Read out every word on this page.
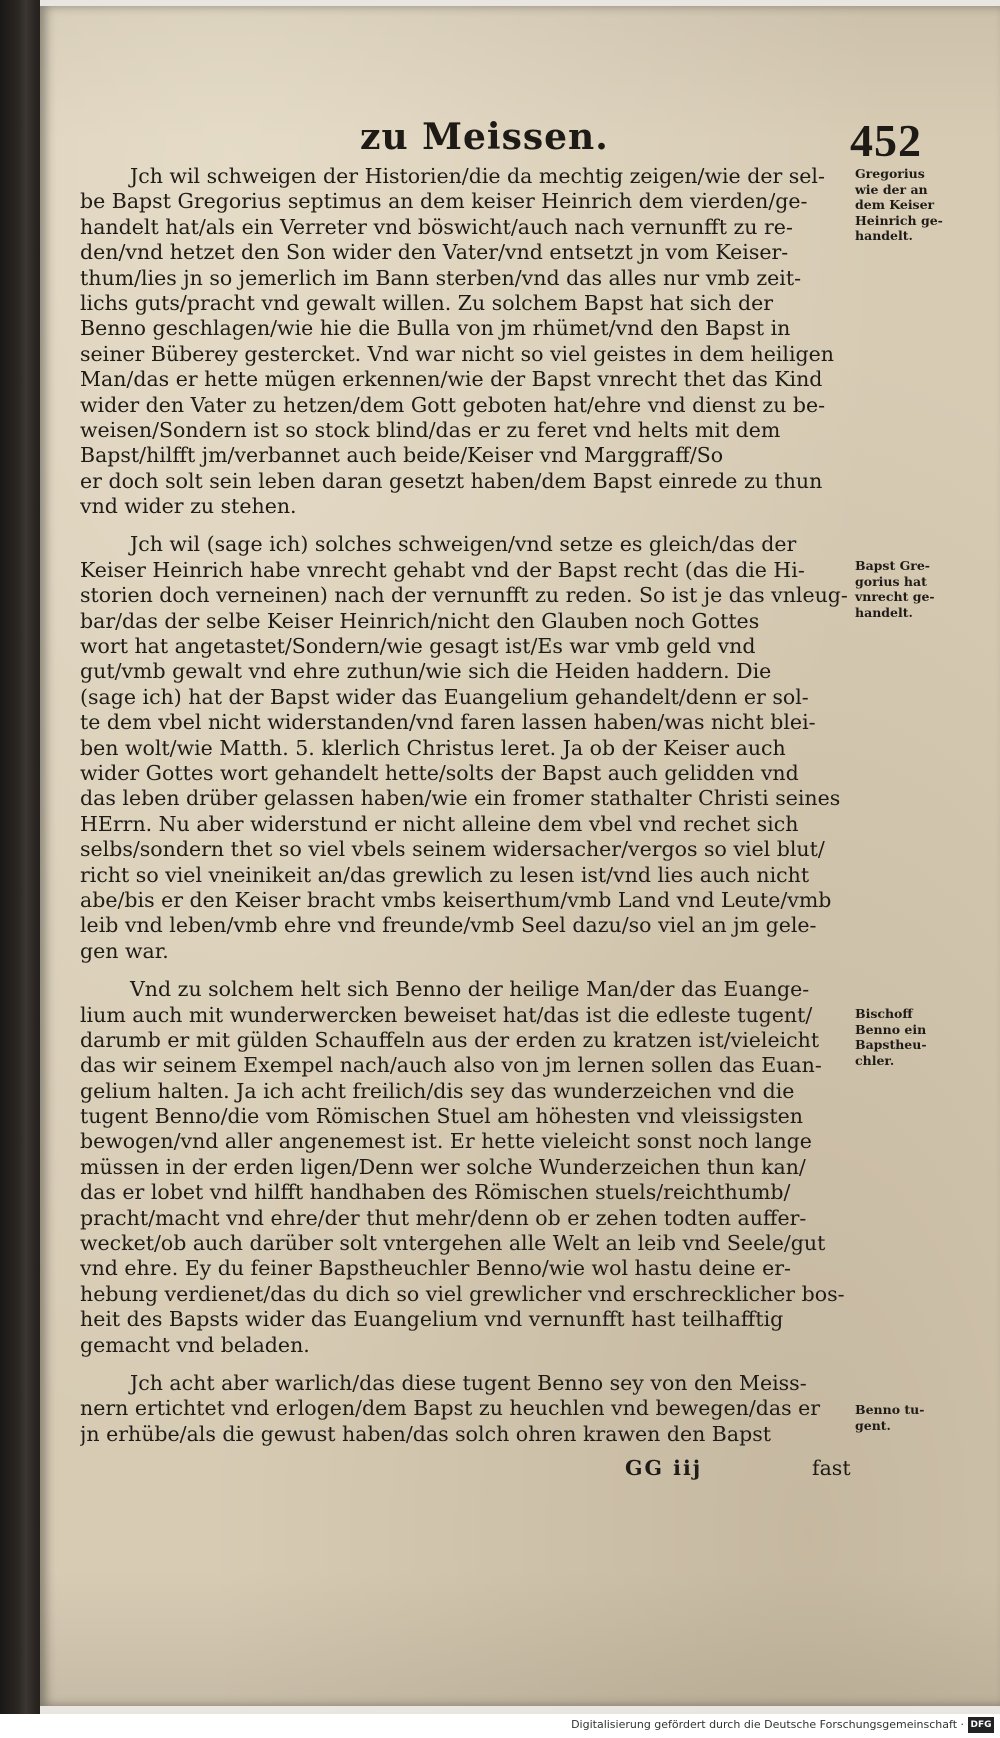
zu Meissen.	452
Jch wil schweigen der Historien/die da mechtig zeigen/wie der sel-
be Bapst Gregorius septimus an dem keiser Heinrich dem vierden/ge-
handelt hat/als ein Verreter vnd böswicht/auch nach vernunfft zu re-
den/vnd hetzet den Son wider den Vater/vnd entsetzt jn vom Keiser-
thum/lies jn so jemerlich im Bann sterben/vnd das alles nur vmb zeit-
lichs guts/pracht vnd gewalt willen. Zu solchem Bapst hat sich der
Benno geschlagen/wie hie die Bulla von jm rhümet/vnd den Bapst in
seiner Büberey gestercket. Vnd war nicht so viel geistes in dem heiligen
Man/das er hette mügen erkennen/wie der Bapst vnrecht thet das Kind
wider den Vater zu hetzen/dem Gott geboten hat/ehre vnd dienst zu be-
weisen/Sondern ist so stock blind/das er zu feret vnd helts mit dem
Bapst/hilfft jm/verbannet auch beide/Keiser vnd Marggraff/So
er doch solt sein leben daran gesetzt haben/dem Bapst einrede zu thun
vnd wider zu stehen.
Jch wil (sage ich) solches schweigen/vnd setze es gleich/das der
Keiser Heinrich habe vnrecht gehabt vnd der Bapst recht (das die Hi-
storien doch verneinen) nach der vernunfft zu reden. So ist je das vnleug-
bar/das der selbe Keiser Heinrich/nicht den Glauben noch Gottes
wort hat angetastet/Sondern/wie gesagt ist/Es war vmb geld vnd
gut/vmb gewalt vnd ehre zuthun/wie sich die Heiden haddern. Die
(sage ich) hat der Bapst wider das Euangelium gehandelt/denn er sol-
te dem vbel nicht widerstanden/vnd faren lassen haben/was nicht blei-
ben wolt/wie Matth. 5. klerlich Christus leret. Ja ob der Keiser auch
wider Gottes wort gehandelt hette/solts der Bapst auch gelidden vnd
das leben drüber gelassen haben/wie ein fromer stathalter Christi seines
HErrn. Nu aber widerstund er nicht alleine dem vbel vnd rechet sich
selbs/sondern thet so viel vbels seinem widersacher/vergos so viel blut/
richt so viel vneinikeit an/das grewlich zu lesen ist/vnd lies auch nicht
abe/bis er den Keiser bracht vmbs keiserthum/vmb Land vnd Leute/vmb
leib vnd leben/vmb ehre vnd freunde/vmb Seel dazu/so viel an jm gele-
gen war.
Vnd zu solchem helt sich Benno der heilige Man/der das Euange-
lium auch mit wunderwercken beweiset hat/das ist die edleste tugent/
darumb er mit gülden Schauffeln aus der erden zu kratzen ist/vieleicht
das wir seinem Exempel nach/auch also von jm lernen sollen das Euan-
gelium halten. Ja ich acht freilich/dis sey das wunderzeichen vnd die
tugent Benno/die vom Römischen Stuel am höhesten vnd vleissigsten
bewogen/vnd aller angenemest ist. Er hette vieleicht sonst noch lange
müssen in der erden ligen/Denn wer solche Wunderzeichen thun kan/
das er lobet vnd hilfft handhaben des Römischen stuels/reichthumb/
pracht/macht vnd ehre/der thut mehr/denn ob er zehen todten auffer-
wecket/ob auch darüber solt vntergehen alle Welt an leib vnd Seele/gut
vnd ehre. Ey du feiner Bapstheuchler Benno/wie wol hastu deine er-
hebung verdienet/das du dich so viel grewlicher vnd erschrecklicher bos-
heit des Bapsts wider das Euangelium vnd vernunfft hast teilhafftig
gemacht vnd beladen.
Jch acht aber warlich/das diese tugent Benno sey von den Meiss-
nern ertichtet vnd erlogen/dem Bapst zu heuchlen vnd bewegen/das er
jn erhübe/als die gewust haben/das solch ohren krawen den Bapst
Gregorius
wie der an
dem Keiser
Heinrich ge-
handelt.
Bapst Gre-
gorius hat
vnrecht ge-
handelt.
Bischoff
Benno ein
Bapstheu-
chler.
Benno tu-
gent.
GG iij	fast
Digitalisierung gefördert durch die Deutsche Forschungsgemeinschaft · DFG
